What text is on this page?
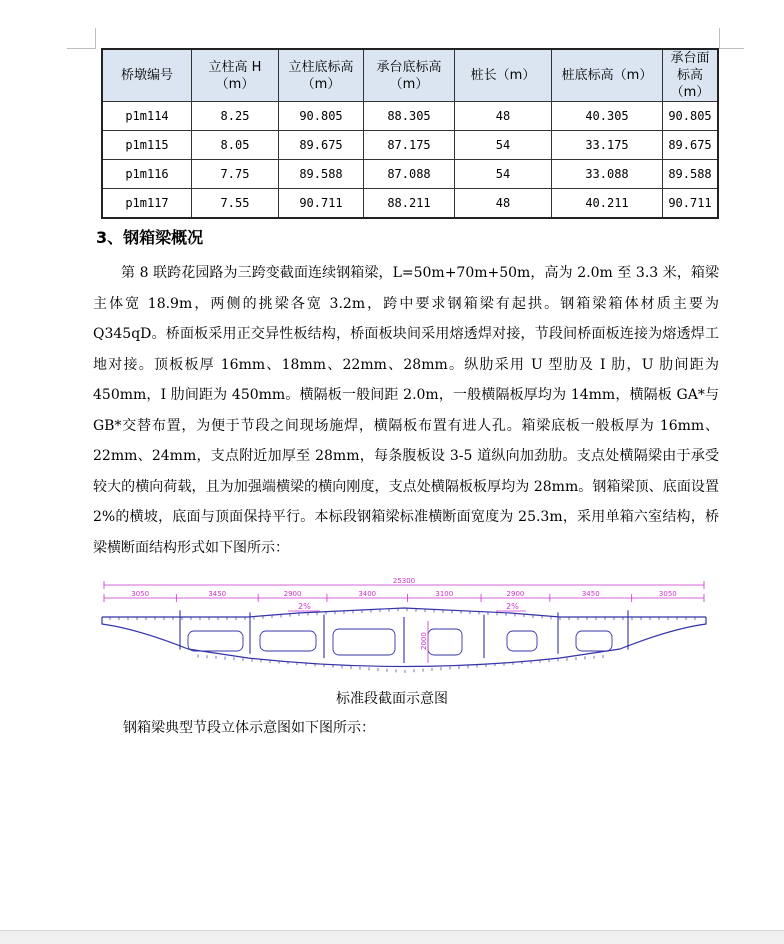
桥墩编号	立柱高 H（m）	立柱底标高（m）	承台底标高（m）	桩长（m）	桩底标高（m）	承台面标高（m）
p1m114	8.25	90.805	88.305	48	40.305	90.805
p1m115	8.05	89.675	87.175	54	33.175	89.675
p1m116	7.75	89.588	87.088	54	33.088	89.588
p1m117	7.55	90.711	88.211	48	40.211	90.711
3、钢箱梁概况

第 8 联跨花园路为三跨变截面连续钢箱梁，L=50m+70m+50m，高为 2.0m 至 3.3 米，箱梁主体宽 18.9m，两侧的挑梁各宽 3.2m，跨中要求钢箱梁有起拱。钢箱梁箱体材质主要为 Q345qD。桥面板采用正交异性板结构，桥面板块间采用熔透焊对接，节段间桥面板连接为熔透焊工地对接。顶板板厚 16mm、18mm、22mm、28mm。纵肋采用 U 型肋及 I 肋，U 肋间距为 450mm，I 肋间距为 450mm。横隔板一般间距 2.0m，一般横隔板厚均为 14mm，横隔板 GA*与 GB*交替布置，为便于节段之间现场施焊，横隔板布置有进人孔。箱梁底板一般板厚为 16mm、22mm、24mm，支点附近加厚至 28mm，每条腹板设 3-5 道纵向加劲肋。支点处横隔梁由于承受较大的横向荷载，且为加强端横梁的横向刚度，支点处横隔板板厚均为 28mm。钢箱梁顶、底面设置 2%的横坡，底面与顶面保持平行。本标段钢箱梁标准横断面宽度为 25.3m，采用单箱六室结构，桥梁横断面结构形式如下图所示：

25300
3050	3450	2900	3400	3100	2900	3450	3050
2%	2%
2000
标准段截面示意图
钢箱梁典型节段立体示意图如下图所示：
